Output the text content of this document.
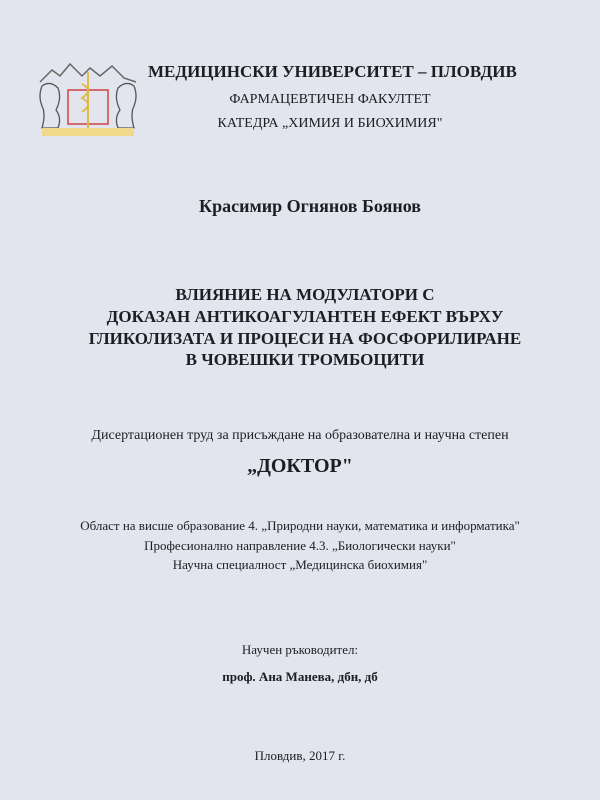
МЕДИЦИНСКИ УНИВЕРСИТЕТ – ПЛОВДИВ
ФАРМАЦЕВТИЧЕН ФАКУЛТЕТ
КАТЕДРА „ХИМИЯ И БИОХИМИЯ"
Красимир Огнянов Боянов
ВЛИЯНИЕ НА МОДУЛАТОРИ С
ДОКАЗАН АНТИКОАГУЛАНТЕН ЕФЕКТ ВЪРХУ
ГЛИКОЛИЗАТА И ПРОЦЕСИ НА ФОСФОРИЛИРАНЕ
В ЧОВЕШКИ ТРОМБОЦИТИ
Дисертационен труд за присъждане на образователна и научна степен
„ДОКТОР"
Област на висше образование 4. „Природни науки, математика и информатика"
Професионално направление 4.3. „Биологически науки"
Научна специалност „Медицинска биохимия"
Научен ръководител:
проф. Ана Манева, дбн, дб
Пловдив, 2017 г.
